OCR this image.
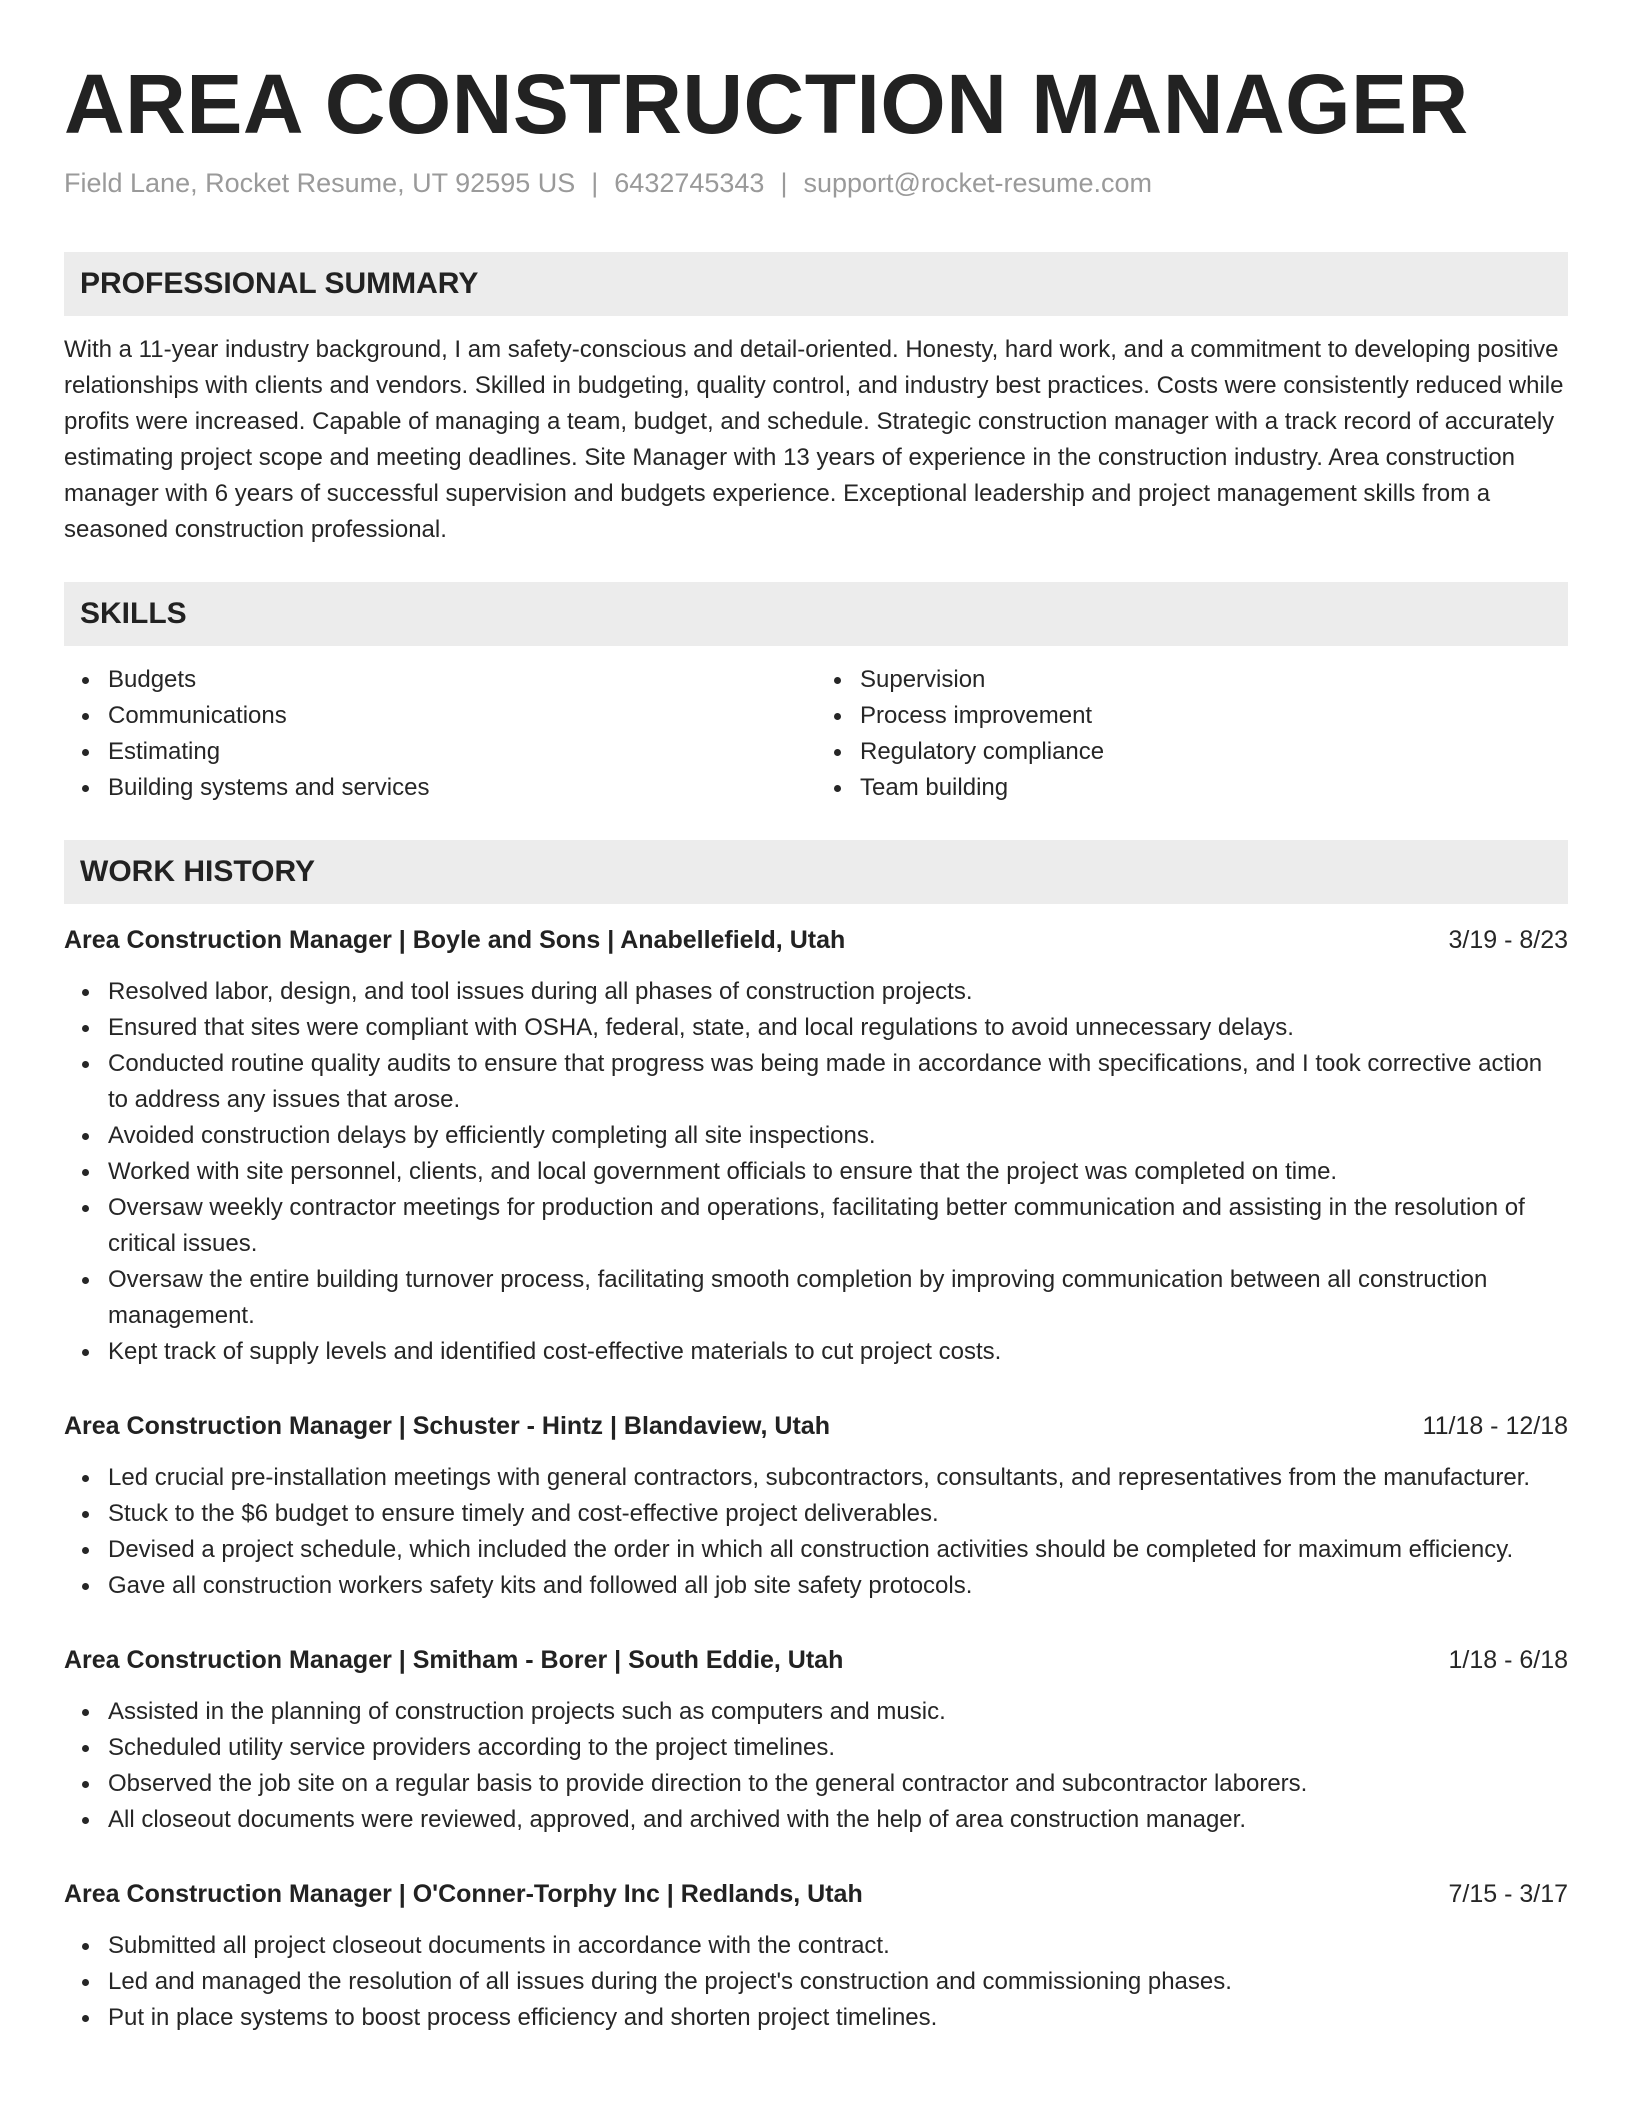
AREA CONSTRUCTION MANAGER
Field Lane, Rocket Resume, UT 92595 US | 6432745343 | support@rocket-resume.com
PROFESSIONAL SUMMARY
With a 11-year industry background, I am safety-conscious and detail-oriented. Honesty, hard work, and a commitment to developing positive relationships with clients and vendors. Skilled in budgeting, quality control, and industry best practices. Costs were consistently reduced while profits were increased. Capable of managing a team, budget, and schedule. Strategic construction manager with a track record of accurately estimating project scope and meeting deadlines. Site Manager with 13 years of experience in the construction industry. Area construction manager with 6 years of successful supervision and budgets experience. Exceptional leadership and project management skills from a seasoned construction professional.
SKILLS
Budgets
Communications
Estimating
Building systems and services
Supervision
Process improvement
Regulatory compliance
Team building
WORK HISTORY
Area Construction Manager | Boyle and Sons | Anabellefield, Utah	3/19 - 8/23
Resolved labor, design, and tool issues during all phases of construction projects.
Ensured that sites were compliant with OSHA, federal, state, and local regulations to avoid unnecessary delays.
Conducted routine quality audits to ensure that progress was being made in accordance with specifications, and I took corrective action to address any issues that arose.
Avoided construction delays by efficiently completing all site inspections.
Worked with site personnel, clients, and local government officials to ensure that the project was completed on time.
Oversaw weekly contractor meetings for production and operations, facilitating better communication and assisting in the resolution of critical issues.
Oversaw the entire building turnover process, facilitating smooth completion by improving communication between all construction management.
Kept track of supply levels and identified cost-effective materials to cut project costs.
Area Construction Manager | Schuster - Hintz | Blandaview, Utah	11/18 - 12/18
Led crucial pre-installation meetings with general contractors, subcontractors, consultants, and representatives from the manufacturer.
Stuck to the $6 budget to ensure timely and cost-effective project deliverables.
Devised a project schedule, which included the order in which all construction activities should be completed for maximum efficiency.
Gave all construction workers safety kits and followed all job site safety protocols.
Area Construction Manager | Smitham - Borer | South Eddie, Utah	1/18 - 6/18
Assisted in the planning of construction projects such as computers and music.
Scheduled utility service providers according to the project timelines.
Observed the job site on a regular basis to provide direction to the general contractor and subcontractor laborers.
All closeout documents were reviewed, approved, and archived with the help of area construction manager.
Area Construction Manager | O'Conner-Torphy Inc | Redlands, Utah	7/15 - 3/17
Submitted all project closeout documents in accordance with the contract.
Led and managed the resolution of all issues during the project's construction and commissioning phases.
Put in place systems to boost process efficiency and shorten project timelines.
